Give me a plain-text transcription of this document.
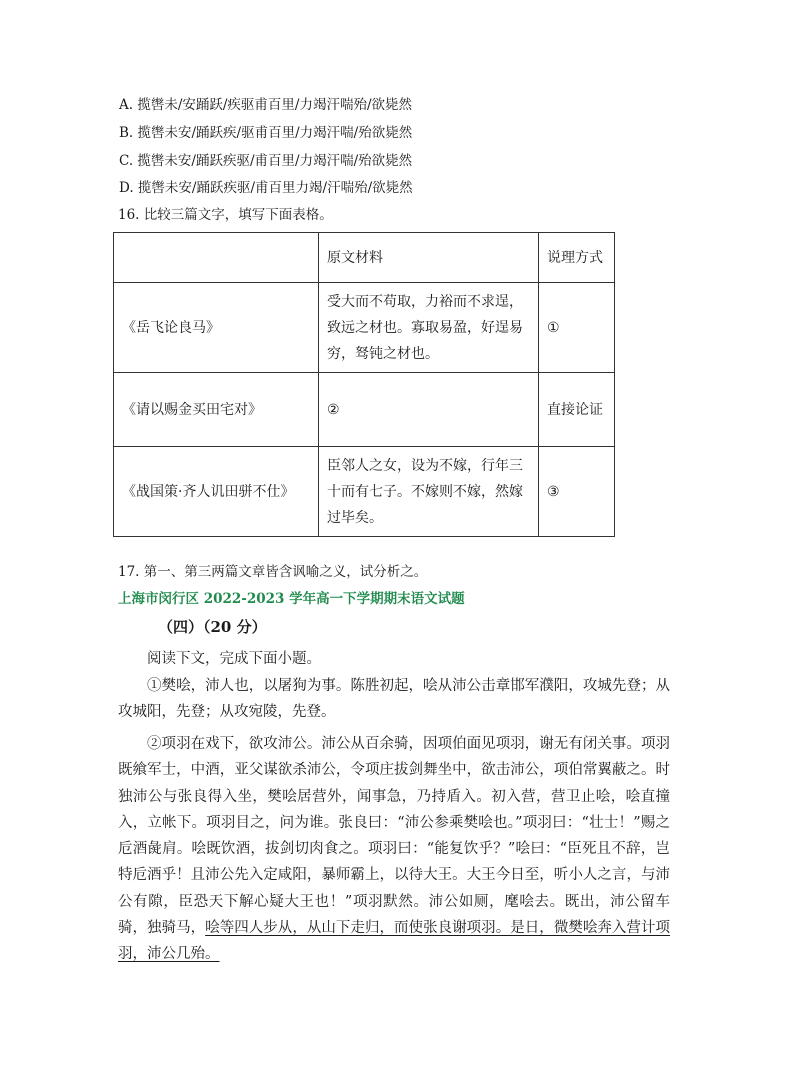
A. 揽辔未/安踊跃/疾驱甫百里/力竭汗喘殆/欲毙然
B. 揽辔未安/踊跃疾/驱甫百里/力竭汗喘/殆欲毙然
C. 揽辔未安/踊跃疾驱/甫百里/力竭汗喘/殆欲毙然
D. 揽辔未安/踊跃疾驱/甫百里力竭/汗喘殆/欲毙然
16. 比较三篇文字，填写下面表格。
	原文材料	说理方式
《岳飞论良马》	受大而不苟取，力裕而不求逞，致远之材也。寡取易盈，好逞易穷，驽钝之材也。	①
《请以赐金买田宅对》	②	直接论证
《战国策·齐人讥田骈不仕》	臣邻人之女，设为不嫁，行年三十而有七子。不嫁则不嫁，然嫁过毕矣。	③
17. 第一、第三两篇文章皆含讽喻之义，试分析之。
上海市闵行区 2022-2023 学年高一下学期期末语文试题
（四）（20 分）
阅读下文，完成下面小题。

①樊哙，沛人也，以屠狗为事。陈胜初起，哙从沛公击章邯军濮阳，攻城先登；从攻城阳，先登；从攻宛陵，先登。

②项羽在戏下，欲攻沛公。沛公从百余骑，因项伯面见项羽，谢无有闭关事。项羽既飨军士，中酒，亚父谋欲杀沛公，令项庄拔剑舞坐中，欲击沛公，项伯常翼蔽之。时独沛公与张良得入坐，樊哙居营外，闻事急，乃持盾入。初入营，营卫止哙，哙直撞入，立帐下。项羽目之，问为谁。张良曰：“沛公参乘樊哙也。”项羽曰：“壮士！”赐之卮酒彘肩。哙既饮酒，拔剑切肉食之。项羽曰：“能复饮乎？”哙曰：“臣死且不辞，岂特卮酒乎！且沛公先入定咸阳，暴师霸上，以待大王。大王今日至，听小人之言，与沛公有隙，臣恐天下解心疑大王也！”项羽默然。沛公如厕，麾哙去。既出，沛公留车骑，独骑马，哙等四人步从，从山下走归，而使张良谢项羽。是日，微樊哙奔入营计项羽，沛公几殆。
